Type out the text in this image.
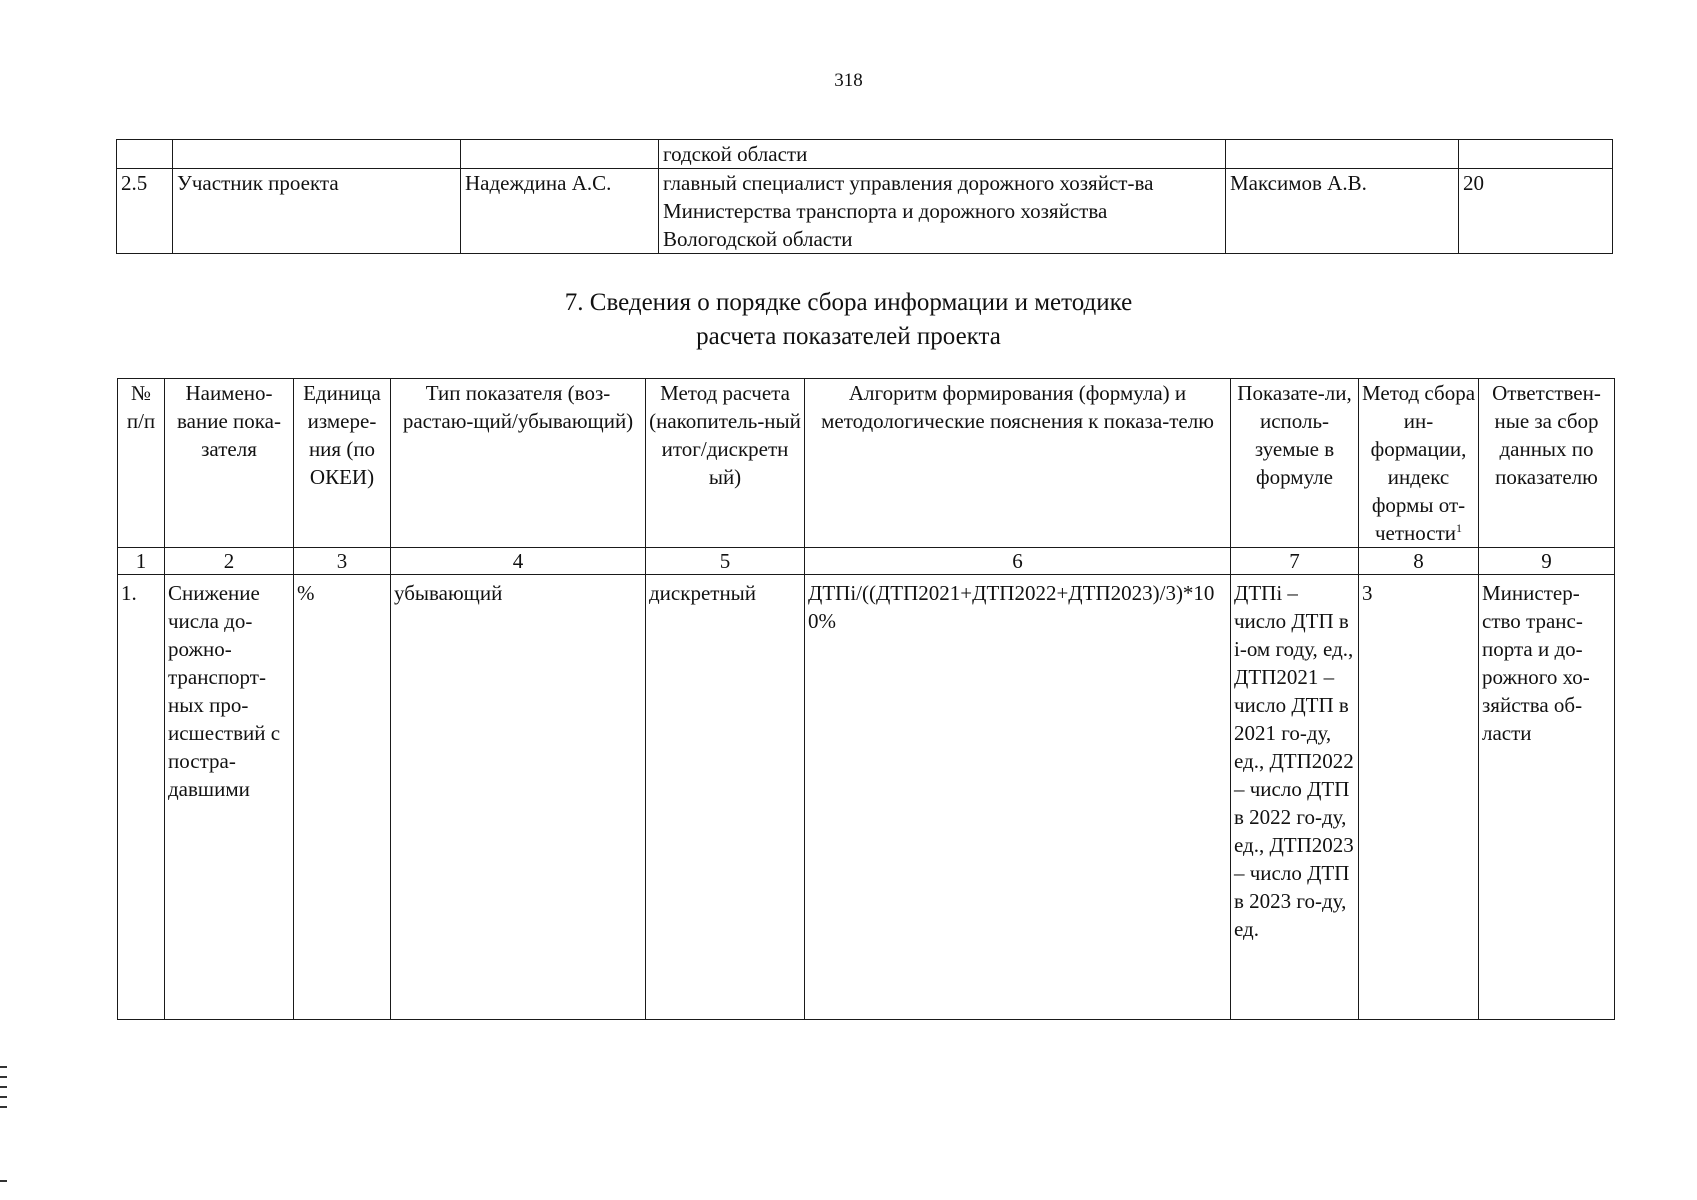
318
			годской области		
2.5	Участник проекта	Надеждина А.С.	главный специалист управления дорожного хозяйст-ва Министерства транспорта и дорожного хозяйства Вологодской области	Максимов А.В.	20
7. Сведения о порядке сбора информации и методике
расчета показателей проекта
№ п/п	Наимено-вание пока-зателя	Единица измере-ния (по ОКЕИ)	Тип показателя (воз-растаю-щий/убывающий)	Метод расчета (накопитель-ный итог/дискретн ый)	Алгоритм формирования (формула) и методологические пояснения к показа-телю	Показате-ли, исполь-зуемые в формуле	Метод сбора ин-формации, индекс формы от-четности$^1$	Ответствен-ные за сбор данных по показателю
1	2	3	4	5	6	7	8	9
1.	Снижение числа до-рожно-транспорт-ных про-исшествий с постра-давшими	%	убывающий	дискретный	ДТПi/((ДТП2021+ДТП2022+ДТП2023)/3)*100%	ДТПi – число ДТП в i-ом году, ед., ДТП2021 – число ДТП в 2021 го-ду, ед., ДТП2022 – число ДТП в 2022 го-ду, ед., ДТП2023 – число ДТП в 2023 го-ду, ед.	3	Министер-ство транс-порта и до-рожного хо-зяйства об-ласти
